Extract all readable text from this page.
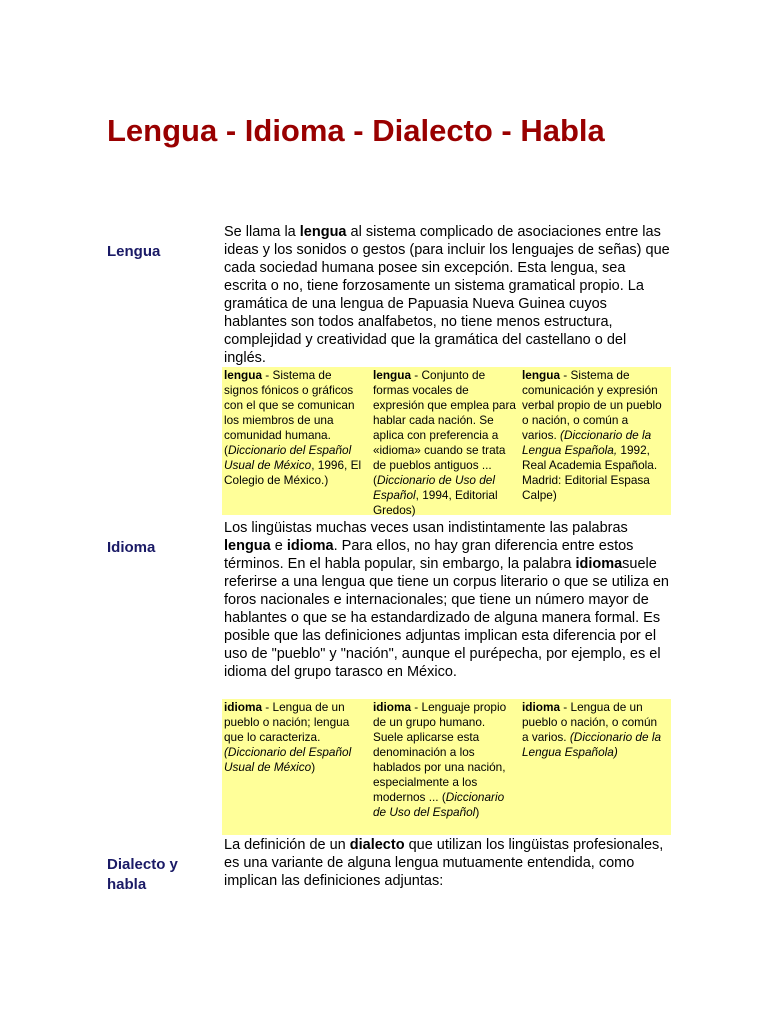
Lengua - Idioma - Dialecto - Habla
Lengua

Se llama la lengua al sistema complicado de asociaciones entre las ideas y los sonidos o gestos (para incluir los lenguajes de señas) que cada sociedad humana posee sin excepción. Esta lengua, sea escrita o no, tiene forzosamente un sistema gramatical propio. La gramática de una lengua de Papuasia Nueva Guinea cuyos hablantes son todos analfabetos, no tiene menos estructura, complejidad y creatividad que la gramática del castellano o del inglés.

lengua - Sistema de signos fónicos o gráficos con el que se comunican los miembros de una comunidad humana. (Diccionario del Español Usual de México, 1996, El Colegio de México.)
lengua - Conjunto de formas vocales de expresión que emplea para hablar cada nación. Se aplica con preferencia a «idioma» cuando se trata de pueblos antiguos ... (Diccionario de Uso del Español, 1994, Editorial Gredos)
lengua - Sistema de comunicación y expresión verbal propio de un pueblo o nación, o común a varios. (Diccionario de la Lengua Española, 1992, Real Academia Española. Madrid: Editorial Espasa Calpe)
Idioma

Los lingüistas muchas veces usan indistintamente las palabras lengua e idioma. Para ellos, no hay gran diferencia entre estos términos. En el habla popular, sin embargo, la palabra idiomasuele referirse a una lengua que tiene un corpus literario o que se utiliza en foros nacionales e internacionales; que tiene un número mayor de hablantes o que se ha estandardizado de alguna manera formal. Es posible que las definiciones adjuntas implican esta diferencia por el uso de "pueblo" y "nación", aunque el purépecha, por ejemplo, es el idioma del grupo tarasco en México.

idioma - Lengua de un pueblo o nación; lengua que lo caracteriza. (Diccionario del Español Usual de México)
idioma - Lenguaje propio de un grupo humano. Suele aplicarse esta denominación a los hablados por una nación, especialmente a los modernos ... (Diccionario de Uso del Español)
idioma - Lengua de un pueblo o nación, o común a varios. (Diccionario de la Lengua Española)
Dialecto y habla

La definición de un dialecto que utilizan los lingüistas profesionales, es una variante de alguna lengua mutuamente entendida, como implican las definiciones adjuntas:
